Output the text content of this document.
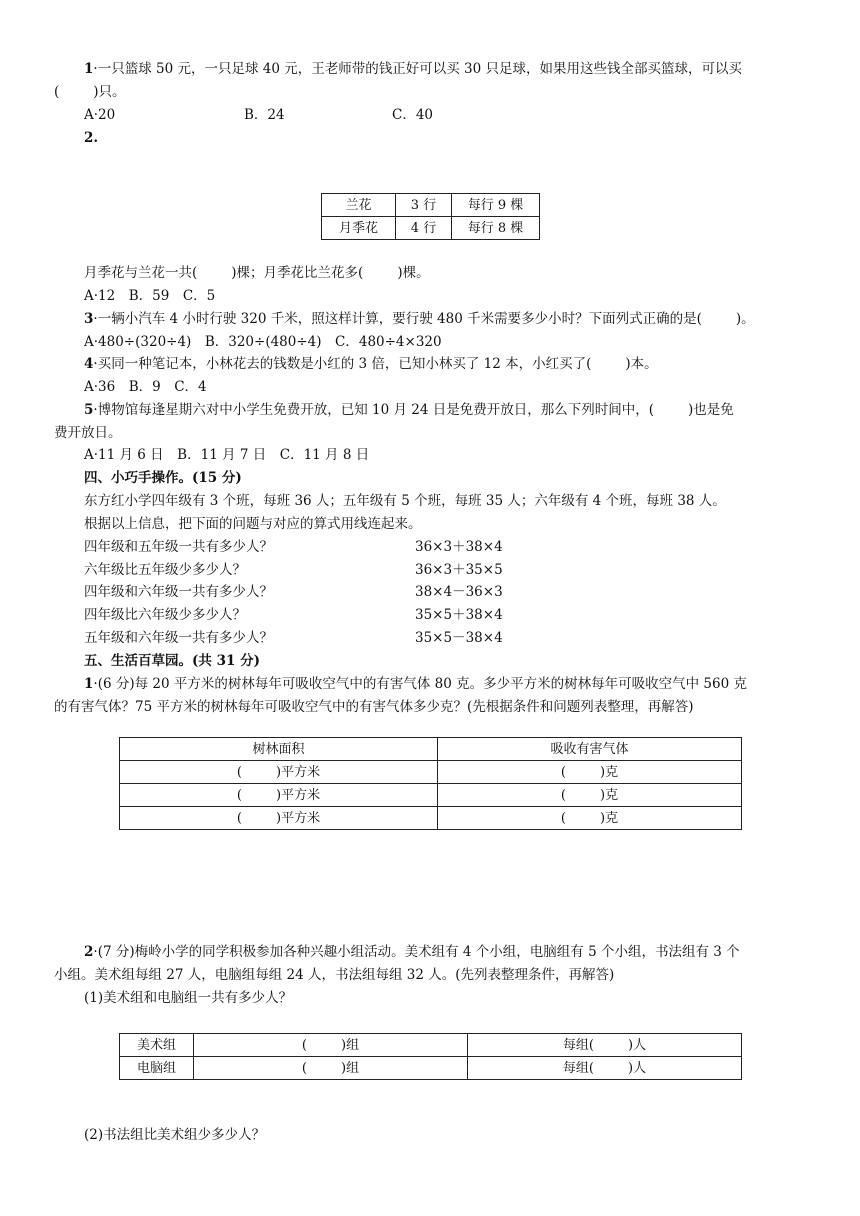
1·一只篮球 50 元，一只足球 40 元，王老师带的钱正好可以买 30 只足球，如果用这些钱全部买篮球，可以买
(	)只。
A·20	B．24	C．40
2.
兰花	3 行	每行 9 棵
月季花	4 行	每行 8 棵
月季花与兰花一共(	)棵；月季花比兰花多(	)棵。
A·12　B．59　C．5
3·一辆小汽车 4 小时行驶 320 千米，照这样计算，要行驶 480 千米需要多少小时？下面列式正确的是(	)。
A·480÷(320÷4)　B．320÷(480÷4)　C．480÷4×320
4·买同一种笔记本，小林花去的钱数是小红的 3 倍，已知小林买了 12 本，小红买了(	)本。
A·36　B．9　C．4
5·博物馆每逢星期六对中小学生免费开放，已知 10 月 24 日是免费开放日，那么下列时间中，(	)也是免
费开放日。
A·11 月 6 日　B．11 月 7 日　C．11 月 8 日
四、小巧手操作。(15 分)
东方红小学四年级有 3 个班，每班 36 人；五年级有 5 个班，每班 35 人；六年级有 4 个班，每班 38 人。
根据以上信息，把下面的问题与对应的算式用线连起来。
四年级和五年级一共有多少人？	36×3＋38×4
六年级比五年级少多少人？	36×3＋35×5
四年级和六年级一共有多少人？	38×4－36×3
四年级比六年级少多少人？	35×5＋38×4
五年级和六年级一共有多少人？	35×5－38×4
五、生活百草园。(共 31 分)
1·(6 分)每 20 平方米的树林每年可吸收空气中的有害气体 80 克。多少平方米的树林每年可吸收空气中 560 克
的有害气体？75 平方米的树林每年可吸收空气中的有害气体多少克？(先根据条件和问题列表整理，再解答)
树林面积	吸收有害气体
( )平方米	( )克
( )平方米	( )克
( )平方米	( )克
2·(7 分)梅岭小学的同学积极参加各种兴趣小组活动。美术组有 4 个小组，电脑组有 5 个小组，书法组有 3 个
小组。美术组每组 27 人，电脑组每组 24 人，书法组每组 32 人。(先列表整理条件，再解答)
(1)美术组和电脑组一共有多少人？
美术组	( )组	每组( )人
电脑组	( )组	每组( )人
(2)书法组比美术组少多少人？
